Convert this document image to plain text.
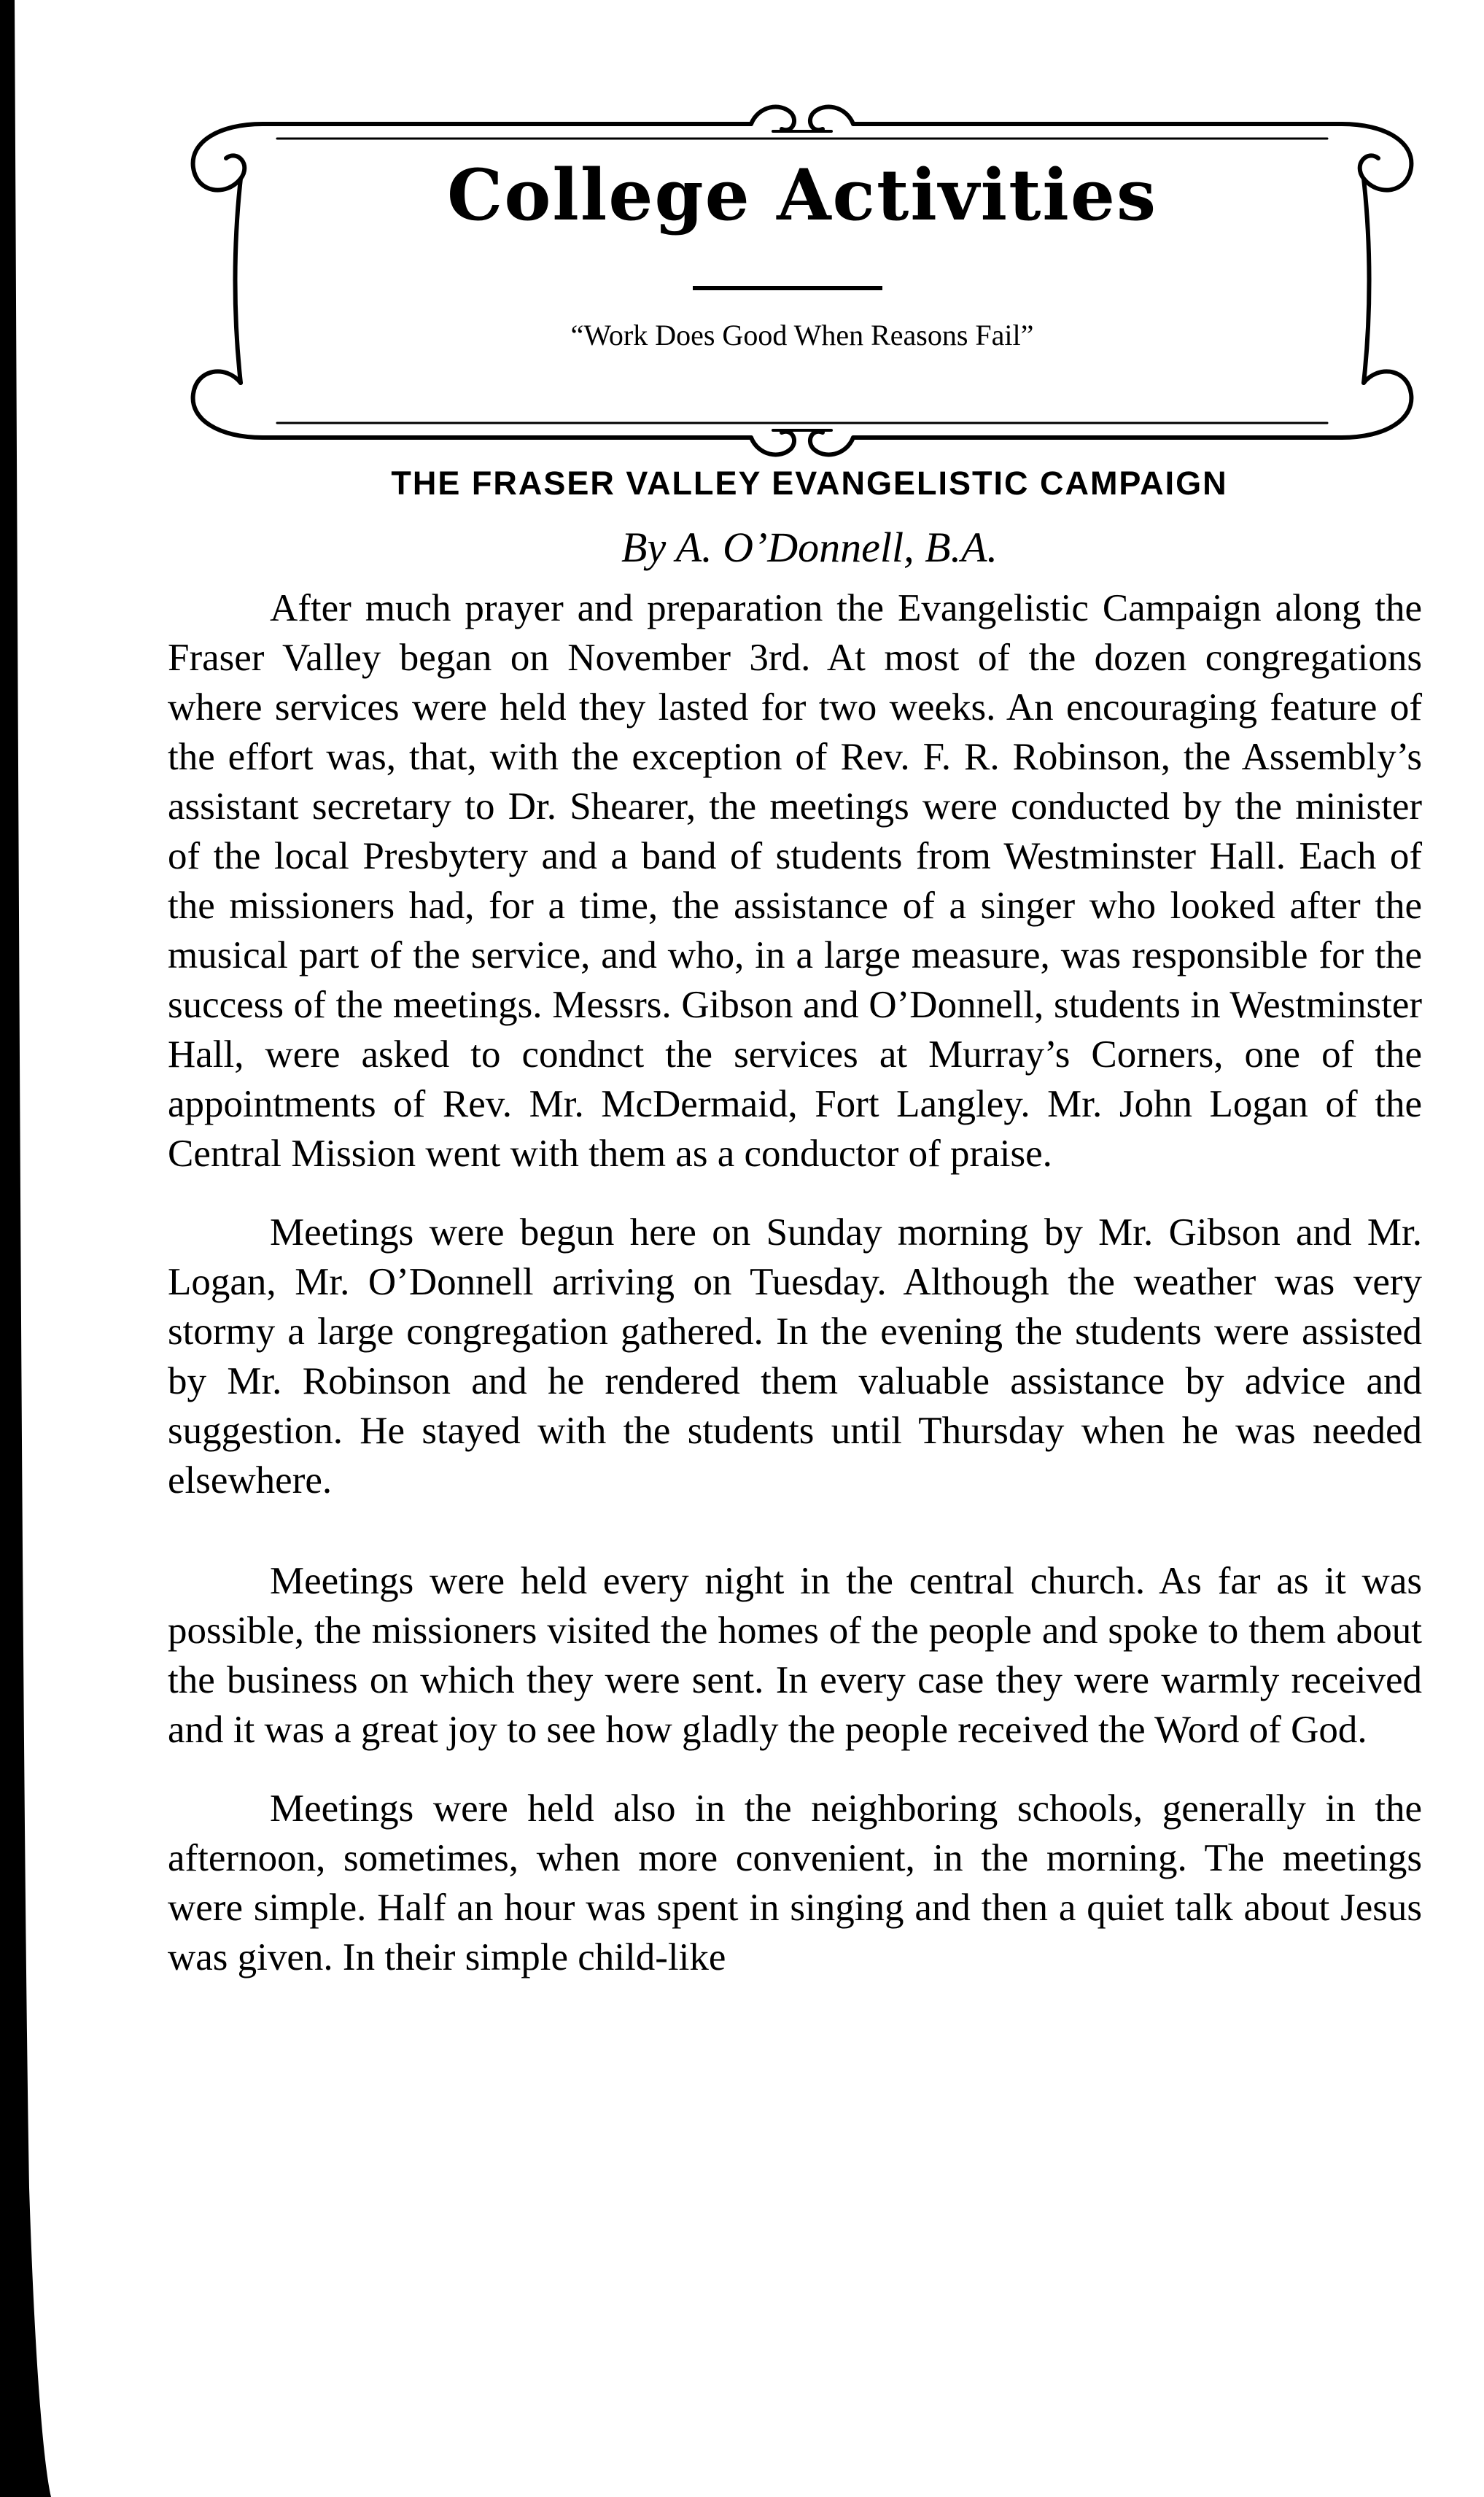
College Activities
“Work Does Good When Reasons Fail”
THE FRASER VALLEY EVANGELISTIC CAMPAIGN
By A. O’Donnell, B.A.

After much prayer and preparation the Evangelistic Campaign along the Fraser Valley began on November 3rd. At most of the dozen congregations where services were held they lasted for two weeks. An encouraging feature of the effort was, that, with the exception of Rev. F. R. Robinson, the Assembly’s assistant secretary to Dr. Shearer, the meetings were conducted by the minister of the local Presbytery and a band of students from Westminster Hall. Each of the missioners had, for a time, the assistance of a singer who looked after the musical part of the service, and who, in a large measure, was responsible for the success of the meetings. Messrs. Gibson and O’Donnell, students in Westminster Hall, were asked to condnct the services at Murray’s Corners, one of the appointments of Rev. Mr. McDermaid, Fort Langley. Mr. John Logan of the Central Mission went with them as a conductor of praise.

Meetings were begun here on Sunday morning by Mr. Gibson and Mr. Logan, Mr. O’Donnell arriving on Tuesday. Although the weather was very stormy a large congregation gathered. In the evening the students were assisted by Mr. Robinson and he rendered them valuable assistance by advice and suggestion. He stayed with the students until Thursday when he was needed elsewhere.

Meetings were held every night in the central church. As far as it was possible, the missioners visited the homes of the people and spoke to them about the business on which they were sent. In every case they were warmly received and it was a great joy to see how gladly the people received the Word of God.

Meetings were held also in the neighboring schools, generally in the afternoon, sometimes, when more convenient, in the morning. The meetings were simple. Half an hour was spent in singing and then a quiet talk about Jesus was given. In their simple child-like
